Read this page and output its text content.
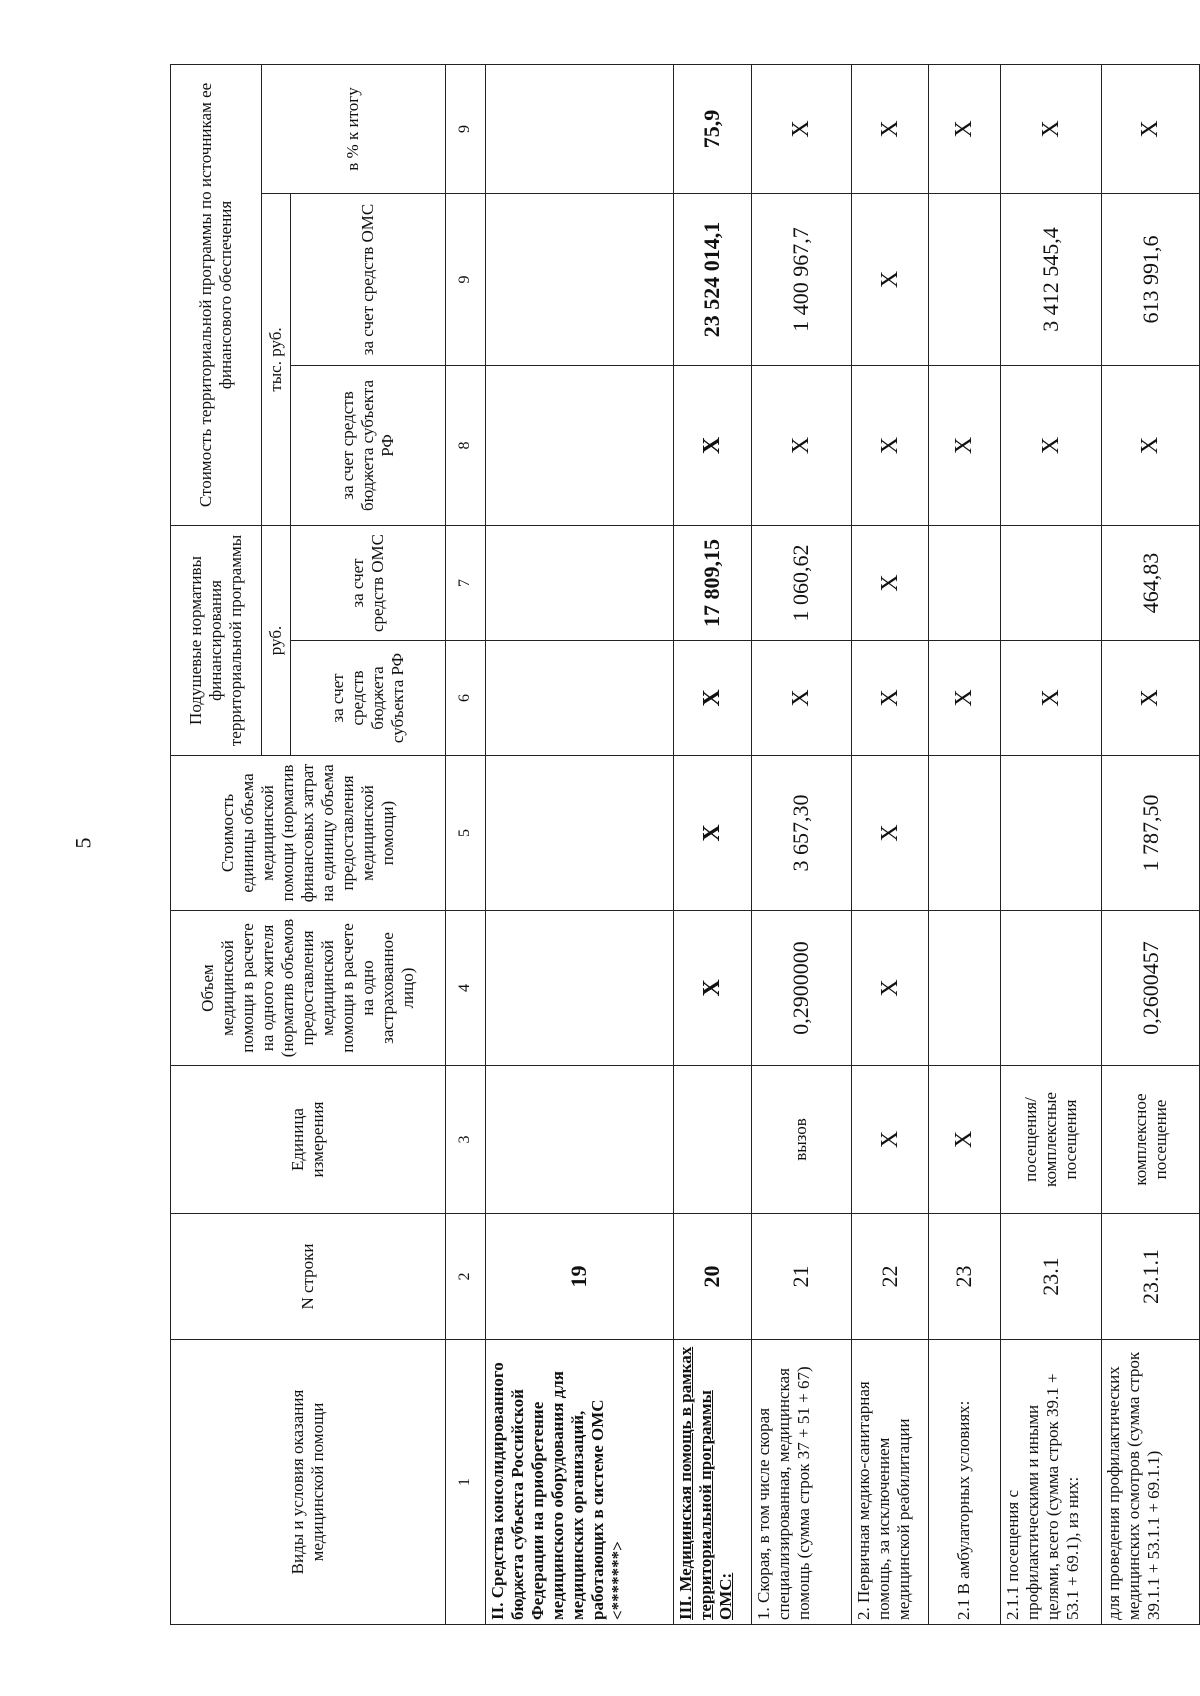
5
Виды и условия оказания медицинской помощи	N строки	Единица измерения	Объем медицинской помощи в расчете на одного жителя (норматив объемов предоставления медицинской помощи в расчете на одно застрахованное лицо)	Стоимость единицы объема медицинской помощи (норматив финансовых затрат на единицу объема предоставления медицинской помощи)	Подушевые нормативы финансирования территориальной программы		Стоимость территориальной программы по источникам ее финансового обеспечения		
					руб.		тыс. руб.		в % к итогу
					за счет средств бюджета субъекта РФ	за счет средств ОМС	за счет средств бюджета субъекта РФ	за счет средств ОМС	
1	2	3	4	5	6	7	8	9	9
II. Средства консолидированного бюджета субъекта Российской Федерации на приобретение медицинского оборудования для медицинских организаций, работающих в системе ОМС <*******>	19								
III. Медицинская помощь в рамках территориальной программы ОМС:	20		Х	Х	Х	17 809,15	Х	23 524 014,1	75,9
1. Скорая, в том числе скорая специализированная, медицинская помощь (сумма строк 37 + 51 + 67)	21	вызов	0,2900000	3 657,30	Х	1 060,62	Х	1 400 967,7	Х
2. Первичная медико-санитарная помощь, за исключением медицинской реабилитации	22	Х	Х	Х	Х	Х	Х	Х	Х
2.1 В амбулаторных условиях:	23	Х			Х		Х		Х
2.1.1 посещения с профилактическими и иными целями, всего (сумма строк 39.1 + 53.1 + 69.1), из них:	23.1	посещения/ комплексные посещения			Х		Х	3 412 545,4	Х
для проведения профилактических медицинских осмотров (сумма строк 39.1.1 + 53.1.1 + 69.1.1)	23.1.1	комплексное посещение	0,2600457	1 787,50	Х	464,83	Х	613 991,6	Х
